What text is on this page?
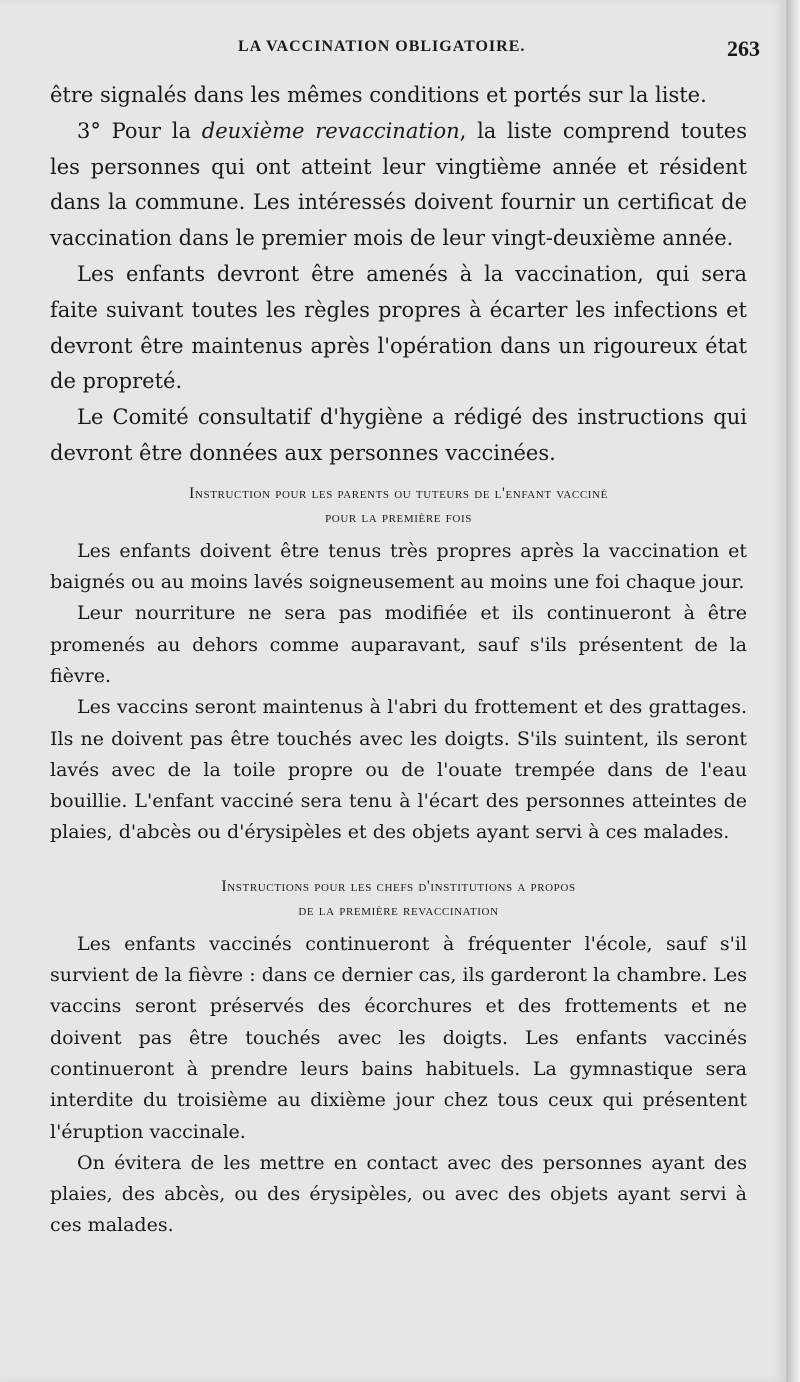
LA VACCINATION OBLIGATOIRE.	263

être signalés dans les mêmes conditions et portés sur la liste.

3° Pour la deuxième revaccination, la liste comprend toutes les personnes qui ont atteint leur vingtième année et résident dans la commune. Les intéressés doivent fournir un certificat de vaccination dans le premier mois de leur vingt-deuxième année.

Les enfants devront être amenés à la vaccination, qui sera faite suivant toutes les règles propres à écarter les infections et devront être maintenus après l'opération dans un rigoureux état de propreté.

Le Comité consultatif d'hygiène a rédigé des instructions qui devront être données aux personnes vaccinées.

Instruction pour les parents ou tuteurs de l'enfant vacciné
pour la première fois

Les enfants doivent être tenus très propres après la vaccination et baignés ou au moins lavés soigneusement au moins une foi chaque jour.

Leur nourriture ne sera pas modifiée et ils continueront à être promenés au dehors comme auparavant, sauf s'ils présentent de la fièvre.

Les vaccins seront maintenus à l'abri du frottement et des grattages. Ils ne doivent pas être touchés avec les doigts. S'ils suintent, ils seront lavés avec de la toile propre ou de l'ouate trempée dans de l'eau bouillie. L'enfant vacciné sera tenu à l'écart des personnes atteintes de plaies, d'abcès ou d'érysipèles et des objets ayant servi à ces malades.

Instructions pour les chefs d'institutions a propos
de la première revaccination

Les enfants vaccinés continueront à fréquenter l'école, sauf s'il survient de la fièvre : dans ce dernier cas, ils garderont la chambre. Les vaccins seront préservés des écorchures et des frottements et ne doivent pas être touchés avec les doigts. Les enfants vaccinés continueront à prendre leurs bains habituels. La gymnastique sera interdite du troisième au dixième jour chez tous ceux qui présentent l'éruption vaccinale.

On évitera de les mettre en contact avec des personnes ayant des plaies, des abcès, ou des érysipèles, ou avec des objets ayant servi à ces malades.
